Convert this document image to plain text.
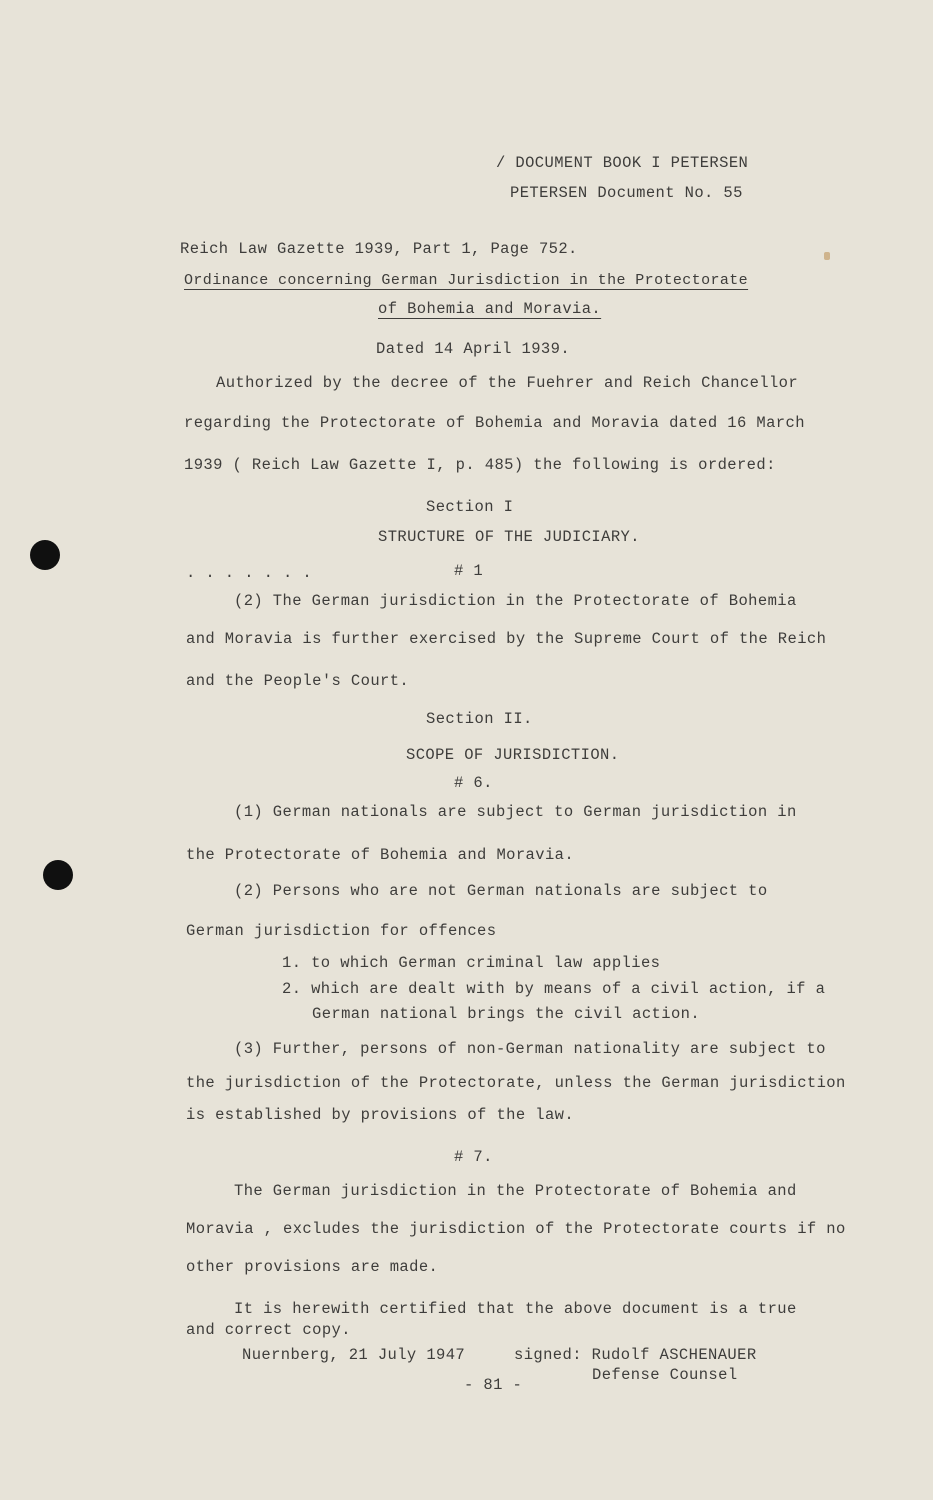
/ DOCUMENT BOOK I PETERSEN
PETERSEN Document No. 55
Reich Law Gazette 1939, Part 1, Page 752.
Ordinance concerning German Jurisdiction in the Protectorate
of Bohemia and Moravia.
Dated 14 April 1939.
Authorized by the decree of the Fuehrer and Reich Chancellor
regarding the Protectorate of Bohemia and Moravia dated 16 March
1939 ( Reich Law Gazette I, p. 485) the following is ordered:
Section I
STRUCTURE OF THE JUDICIARY.
. . . . . . .	# 1
(2) The German jurisdiction in the Protectorate of Bohemia
and Moravia is further exercised by the Supreme Court of the Reich
and the People's Court.
Section II.
SCOPE OF JURISDICTION.
# 6.
(1) German nationals are subject to German jurisdiction in
the Protectorate of Bohemia and Moravia.
(2) Persons who are not German nationals are subject to
German jurisdiction for offences
1. to which German criminal law applies
2. which are dealt with by means of a civil action, if a
German national brings the civil action.
(3) Further, persons of non-German nationality are subject to
the jurisdiction of the Protectorate, unless the German jurisdiction
is established by provisions of the law.
# 7.
The German jurisdiction in the Protectorate of Bohemia and
Moravia , excludes the jurisdiction of the Protectorate courts if no
other provisions are made.
It is herewith certified that the above document is a true
and correct copy.
Nuernberg, 21 July 1947	signed: Rudolf ASCHENAUER
Defense Counsel
- 81 -
